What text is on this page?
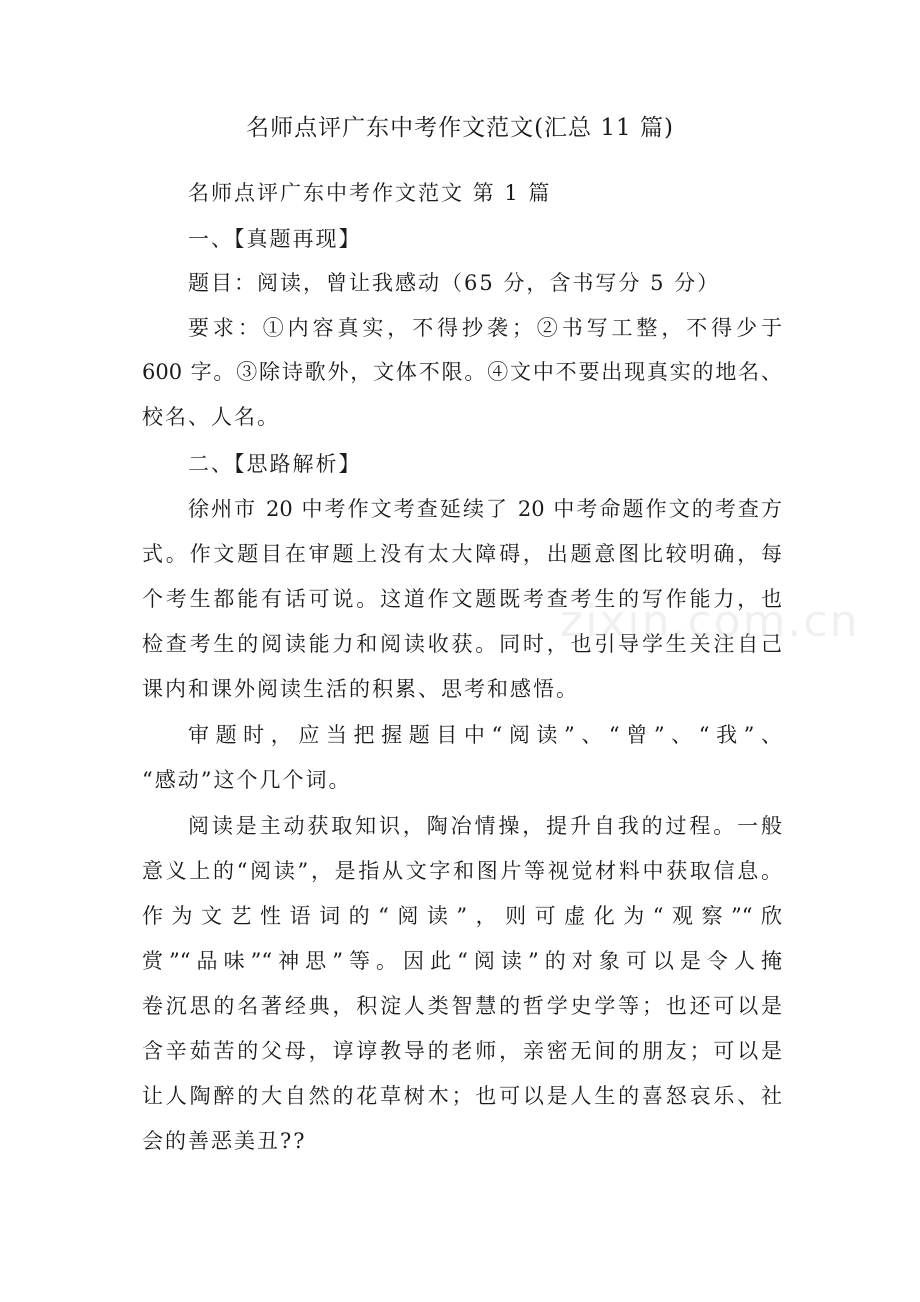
名师点评广东中考作文范文(汇总 11 篇)
名师点评广东中考作文范文 第 1 篇
一、【真题再现】
题目：阅读，曾让我感动（65 分，含书写分 5 分）
要求：①内容真实，不得抄袭；②书写工整，不得少于
600 字。③除诗歌外，文体不限。④文中不要出现真实的地名、
校名、人名。
二、【思路解析】
徐州市 20 中考作文考查延续了 20 中考命题作文的考查方
式。作文题目在审题上没有太大障碍，出题意图比较明确，每
个考生都能有话可说。这道作文题既考查考生的写作能力，也
检查考生的阅读能力和阅读收获。同时，也引导学生关注自己
课内和课外阅读生活的积累、思考和感悟。
审题时，应当把握题目中“阅读”、“曾”、“我”、
“感动”这个几个词。
阅读是主动获取知识，陶冶情操，提升自我的过程。一般
意义上的“阅读”，是指从文字和图片等视觉材料中获取信息。
作为文艺性语词的“阅读”，则可虚化为“观察”“欣
赏”“品味”“神思”等。因此“阅读”的对象可以是令人掩
卷沉思的名著经典，积淀人类智慧的哲学史学等；也还可以是
含辛茹苦的父母，谆谆教导的老师，亲密无间的朋友；可以是
让人陶醉的大自然的花草树木；也可以是人生的喜怒哀乐、社
会的善恶美丑??
zixin.com.cn
